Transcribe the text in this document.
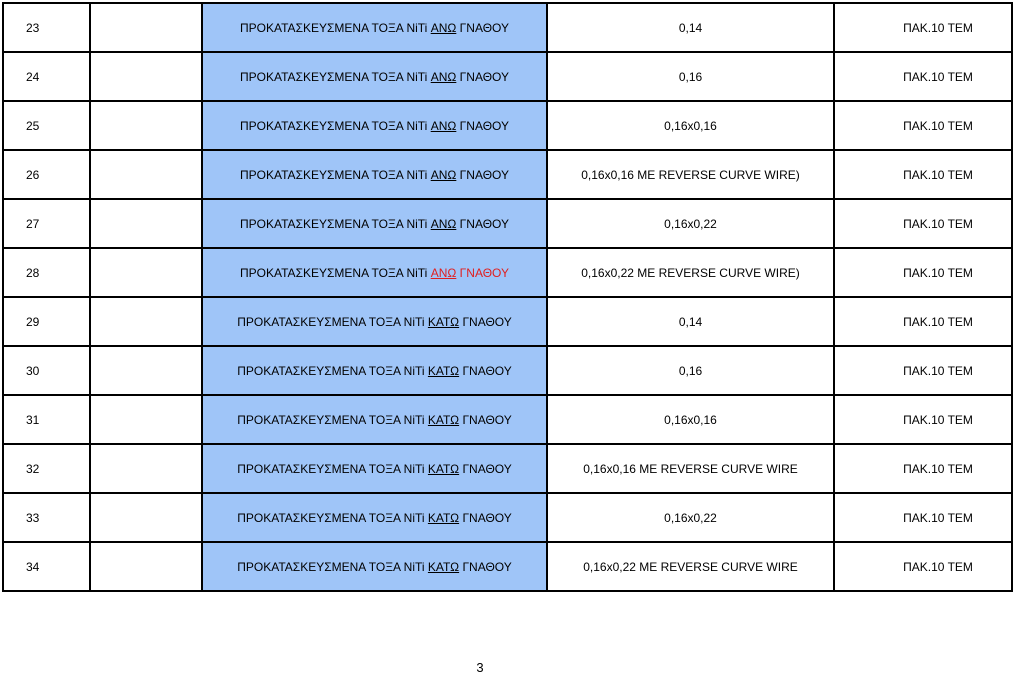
23		ΠΡΟΚΑΤΑΣΚΕΥΣΜΕΝΑ ΤΟΞΑ NiTi ΑΝΩ ΓΝΑΘΟΥ	0,14	ΠΑΚ.10 ΤΕΜ
24		ΠΡΟΚΑΤΑΣΚΕΥΣΜΕΝΑ ΤΟΞΑ NiTi ΑΝΩ ΓΝΑΘΟΥ	0,16	ΠΑΚ.10 ΤΕΜ
25		ΠΡΟΚΑΤΑΣΚΕΥΣΜΕΝΑ ΤΟΞΑ NiTi ΑΝΩ ΓΝΑΘΟΥ	0,16x0,16	ΠΑΚ.10 ΤΕΜ
26		ΠΡΟΚΑΤΑΣΚΕΥΣΜΕΝΑ ΤΟΞΑ NiTi ΑΝΩ ΓΝΑΘΟΥ	0,16x0,16 ΜΕ REVERSE CURVE WIRE)	ΠΑΚ.10 ΤΕΜ
27		ΠΡΟΚΑΤΑΣΚΕΥΣΜΕΝΑ ΤΟΞΑ NiTi ΑΝΩ ΓΝΑΘΟΥ	0,16x0,22	ΠΑΚ.10 ΤΕΜ
28		ΠΡΟΚΑΤΑΣΚΕΥΣΜΕΝΑ ΤΟΞΑ NiTi ΑΝΩ ΓΝΑΘΟΥ	0,16x0,22 ΜΕ REVERSE CURVE WIRE)	ΠΑΚ.10 ΤΕΜ
29		ΠΡΟΚΑΤΑΣΚΕΥΣΜΕΝΑ ΤΟΞΑ NiTi ΚΑΤΩ ΓΝΑΘΟΥ	0,14	ΠΑΚ.10 ΤΕΜ
30		ΠΡΟΚΑΤΑΣΚΕΥΣΜΕΝΑ ΤΟΞΑ NiTi ΚΑΤΩ ΓΝΑΘΟΥ	0,16	ΠΑΚ.10 ΤΕΜ
31		ΠΡΟΚΑΤΑΣΚΕΥΣΜΕΝΑ ΤΟΞΑ NiTi ΚΑΤΩ ΓΝΑΘΟΥ	0,16x0,16	ΠΑΚ.10 ΤΕΜ
32		ΠΡΟΚΑΤΑΣΚΕΥΣΜΕΝΑ ΤΟΞΑ NiTi ΚΑΤΩ ΓΝΑΘΟΥ	0,16x0,16 ΜΕ REVERSE CURVE WIRE	ΠΑΚ.10 ΤΕΜ
33		ΠΡΟΚΑΤΑΣΚΕΥΣΜΕΝΑ ΤΟΞΑ NiTi ΚΑΤΩ ΓΝΑΘΟΥ	0,16x0,22	ΠΑΚ.10 ΤΕΜ
34		ΠΡΟΚΑΤΑΣΚΕΥΣΜΕΝΑ ΤΟΞΑ NiTi ΚΑΤΩ ΓΝΑΘΟΥ	0,16x0,22 ΜΕ REVERSE CURVE WIRE	ΠΑΚ.10 ΤΕΜ
3
